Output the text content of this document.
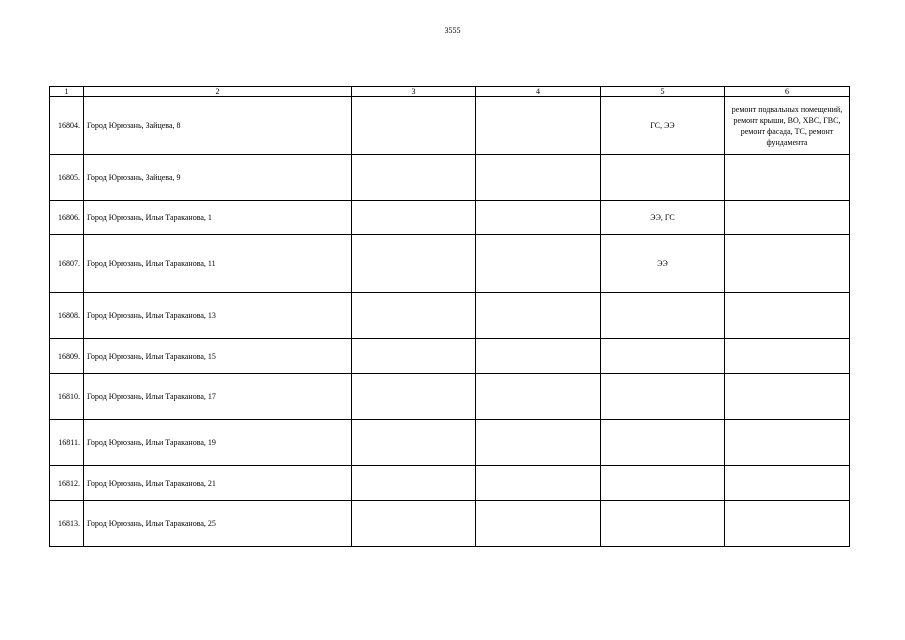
3555
1	2	3	4	5	6
16804.	Город Юрюзань, Зайцева, 8			ГС, ЭЭ	ремонт подвальных помещений, ремонт крыши, ВО, ХВС, ГВС, ремонт фасада, ТС, ремонт фундамента
16805.	Город Юрюзань, Зайцева, 9				
16806.	Город Юрюзань, Ильи Тараканова, 1			ЭЭ, ГС	
16807.	Город Юрюзань, Ильи Тараканова, 11			ЭЭ	
16808.	Город Юрюзань, Ильи Тараканова, 13				
16809.	Город Юрюзань, Ильи Тараканова, 15				
16810.	Город Юрюзань, Ильи Тараканова, 17				
16811.	Город Юрюзань, Ильи Тараканова, 19				
16812.	Город Юрюзань, Ильи Тараканова, 21				
16813.	Город Юрюзань, Ильи Тараканова, 25				
